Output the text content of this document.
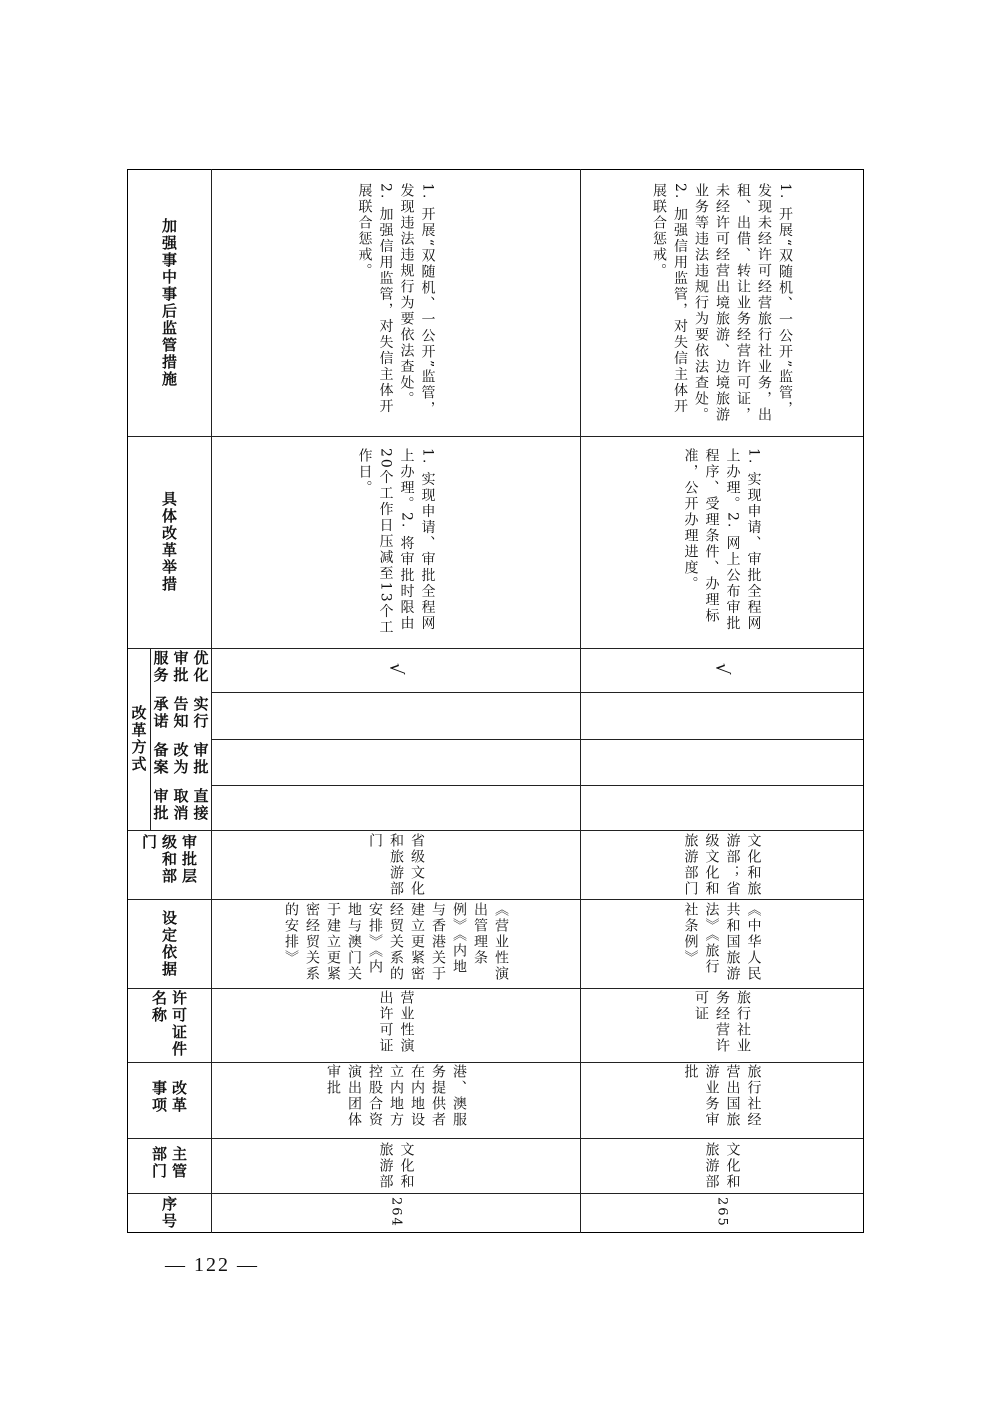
加强事中事后监管措施
具体改革举措
改革方式
优化审批服务
实行告知承诺
审批改为备案
直接取消审批
审批层级和部门
设定依据
许可证件名称
改革事项
主管部门
序号
1. 开展“双随机、一公开”监管，发现违法违规行为要依法查处。2. 加强信用监管，对失信主体开展联合惩戒。
1. 实现申请、审批全程网上办理。2. 将审批时限由20个工作日压减至13个工作日。
√
省级文化和旅游部门
《营业性演出管理条例》《内地与香港关于建立更紧密经贸关系的安排》《内地与澳门关于建立更紧密经贸关系的安排》
营业性演出许可证
港、澳服务提供者在内地设立内地方控股合资演出团体审批
文化和旅游部
264
1. 开展“双随机、一公开”监管，发现未经许可经营旅行社业务，出租、出借、转让业务经营许可证，未经许可经营出境旅游、边境旅游业务等违法违规行为要依法查处。2. 加强信用监管，对失信主体开展联合惩戒。
1. 实现申请、审批全程网上办理。2. 网上公布审批程序、受理条件、办理标准，公开办理进度。
√
文化和旅游部；省级文化和旅游部门
《中华人民共和国旅游法》《旅行社条例》
旅行社业务经营许可证
旅行社经营出国旅游业务审批
文化和旅游部
265
— 122 —
